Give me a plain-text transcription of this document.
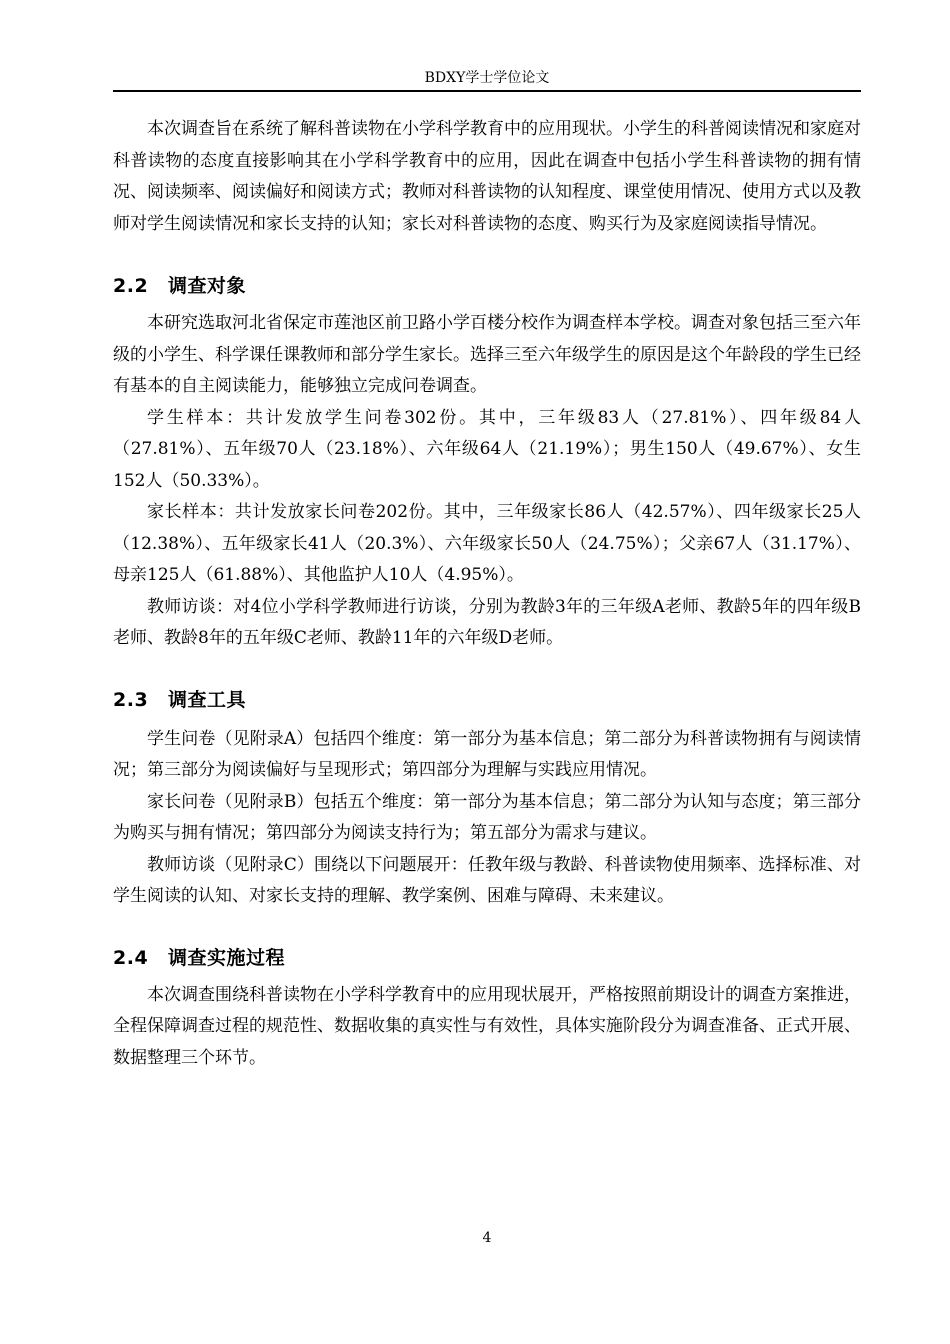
BDXY学士学位论文

本次调查旨在系统了解科普读物在小学科学教育中的应用现状。小学生的科普阅读情况和家庭对科普读物的态度直接影响其在小学科学教育中的应用，因此在调查中包括小学生科普读物的拥有情况、阅读频率、阅读偏好和阅读方式；教师对科普读物的认知程度、课堂使用情况、使用方式以及教师对学生阅读情况和家长支持的认知；家长对科普读物的态度、购买行为及家庭阅读指导情况。

2.2 调查对象

本研究选取河北省保定市莲池区前卫路小学百楼分校作为调查样本学校。调查对象包括三至六年级的小学生、科学课任课教师和部分学生家长。选择三至六年级学生的原因是这个年龄段的学生已经有基本的自主阅读能力，能够独立完成问卷调查。

学生样本：共计发放学生问卷302份。其中，三年级83人（27.81%）、四年级84人（27.81%）、五年级70人（23.18%）、六年级64人（21.19%）；男生150人（49.67%）、女生152人（50.33%）。

家长样本：共计发放家长问卷202份。其中，三年级家长86人（42.57%）、四年级家长25人（12.38%）、五年级家长41人（20.3%）、六年级家长50人（24.75%）；父亲67人（31.17%）、母亲125人（61.88%）、其他监护人10人（4.95%）。

教师访谈：对4位小学科学教师进行访谈，分别为教龄3年的三年级A老师、教龄5年的四年级B老师、教龄8年的五年级C老师、教龄11年的六年级D老师。

2.3 调查工具

学生问卷（见附录A）包括四个维度：第一部分为基本信息；第二部分为科普读物拥有与阅读情况；第三部分为阅读偏好与呈现形式；第四部分为理解与实践应用情况。

家长问卷（见附录B）包括五个维度：第一部分为基本信息；第二部分为认知与态度；第三部分为购买与拥有情况；第四部分为阅读支持行为；第五部分为需求与建议。

教师访谈（见附录C）围绕以下问题展开：任教年级与教龄、科普读物使用频率、选择标准、对学生阅读的认知、对家长支持的理解、教学案例、困难与障碍、未来建议。

2.4 调查实施过程

本次调查围绕科普读物在小学科学教育中的应用现状展开，严格按照前期设计的调查方案推进，全程保障调查过程的规范性、数据收集的真实性与有效性，具体实施阶段分为调查准备、正式开展、数据整理三个环节。

4
